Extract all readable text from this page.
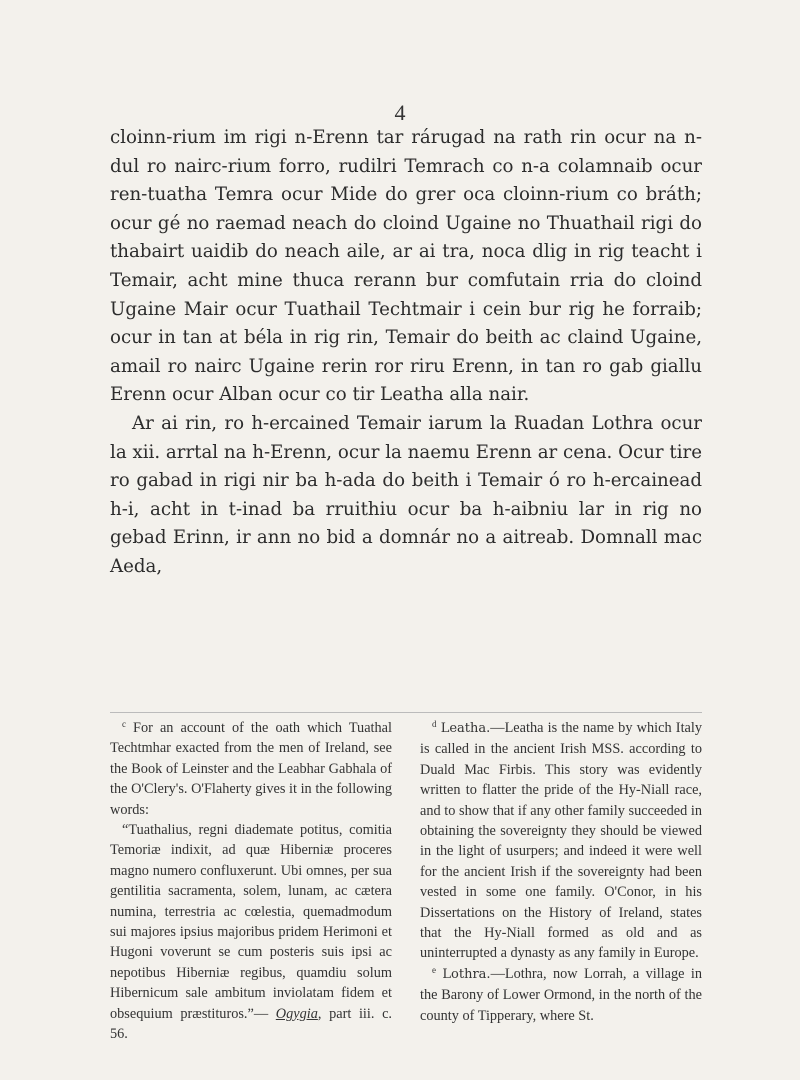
4

cloinn-rium im rigi n-Erenn tar rárugad na rath rin ocur na n-dul ro nairc-rium forro, rudilri Temrach co n-a colamnaib ocur ren-tuatha Temra ocur Mide do grer oca cloinn-rium co bráth; ocur gé no raemad neach do cloind Ugaine no Thuathail rigi do thabairt uaidib do neach aile, ar ai tra, noca dlig in rig teacht i Temair, acht mine thuca rerann bur comfutain rria do cloind Ugaine Mair ocur Tuathail Techtmair i cein bur rig he forraib; ocur in tan at béla in rig rin, Temair do beith ac claind Ugaine, amail ro nairc Ugaine rerin ror riru Erenn, in tan ro gab giallu Erenn ocur Alban ocur co tir Leatha alla nair.

Ar ai rin, ro h-ercained Temair iarum la Ruadan Lothra ocur la xii. arrtal na h-Erenn, ocur la naemu Erenn ar cena. Ocur tire ro gabad in rigi nir ba h-ada do beith i Temair ó ro h-ercainead h-i, acht in t-inad ba rruithiu ocur ba h-aibniu lar in rig no gebad Erinn, ir ann no bid a domnár no a aitreab. Domnall mac Aeda,

$^c$ For an account of the oath which Tuathal Techtmhar exacted from the men of Ireland, see the Book of Leinster and the Leabhar Gabhala of the O'Clery's. O'Flaherty gives it in the following words:

“Tuathalius, regni diademate potitus, comitia Temoriæ indixit, ad quæ Hiberniæ proceres magno numero confluxerunt. Ubi omnes, per sua gentilitia sacramenta, solem, lunam, ac cætera numina, terrestria ac cœlestia, quemadmodum sui majores ipsius majoribus pridem Herimoni et Hugoni voverunt se cum posteris suis ipsi ac nepotibus Hiberniæ regibus, quamdiu solum Hibernicum sale ambitum inviolatam fidem et obsequium præstituros.”— Ogygia, part iii. c. 56.

$^d$ Leatha.—Leatha is the name by which Italy is called in the ancient Irish MSS. according to Duald Mac Firbis. This story was evidently written to flatter the pride of the Hy-Niall race, and to show that if any other family succeeded in obtaining the sovereignty they should be viewed in the light of usurpers; and indeed it were well for the ancient Irish if the sovereignty had been vested in some one family. O'Conor, in his Dissertations on the History of Ireland, states that the Hy-Niall formed as old and as uninterrupted a dynasty as any family in Europe.

$^e$ Lothra.—Lothra, now Lorrah, a village in the Barony of Lower Ormond, in the north of the county of Tipperary, where St.
